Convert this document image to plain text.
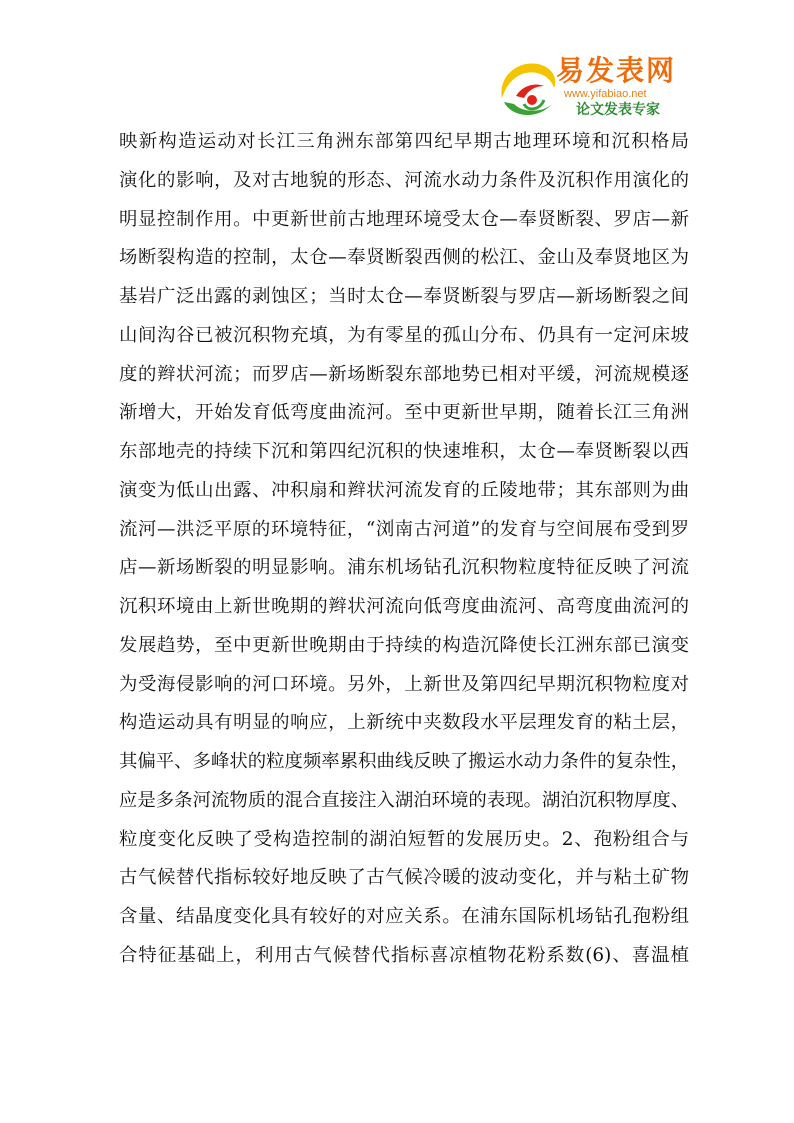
易发表网
www.yifabiao.net
论文发表专家
映新构造运动对长江三角洲东部第四纪早期古地理环境和沉积格局
演化的影响，及对古地貌的形态、河流水动力条件及沉积作用演化的
明显控制作用。中更新世前古地理环境受太仓—奉贤断裂、罗店—新
场断裂构造的控制，太仓—奉贤断裂西侧的松江、金山及奉贤地区为
基岩广泛出露的剥蚀区；当时太仓—奉贤断裂与罗店—新场断裂之间
山间沟谷已被沉积物充填，为有零星的孤山分布、仍具有一定河床坡
度的辫状河流；而罗店—新场断裂东部地势已相对平缓，河流规模逐
渐增大，开始发育低弯度曲流河。至中更新世早期，随着长江三角洲
东部地壳的持续下沉和第四纪沉积的快速堆积，太仓—奉贤断裂以西
演变为低山出露、冲积扇和辫状河流发育的丘陵地带；其东部则为曲
流河—洪泛平原的环境特征，“浏南古河道”的发育与空间展布受到罗
店—新场断裂的明显影响。浦东机场钻孔沉积物粒度特征反映了河流
沉积环境由上新世晚期的辫状河流向低弯度曲流河、高弯度曲流河的
发展趋势，至中更新世晚期由于持续的构造沉降使长江洲东部已演变
为受海侵影响的河口环境。另外，上新世及第四纪早期沉积物粒度对
构造运动具有明显的响应，上新统中夹数段水平层理发育的粘土层，
其偏平、多峰状的粒度频率累积曲线反映了搬运水动力条件的复杂性，
应是多条河流物质的混合直接注入湖泊环境的表现。湖泊沉积物厚度、
粒度变化反映了受构造控制的湖泊短暂的发展历史。2、孢粉组合与
古气候替代指标较好地反映了古气候冷暖的波动变化，并与粘土矿物
含量、结晶度变化具有较好的对应关系。在浦东国际机场钻孔孢粉组
合特征基础上，利用古气候替代指标喜凉植物花粉系数(6)、喜温植
